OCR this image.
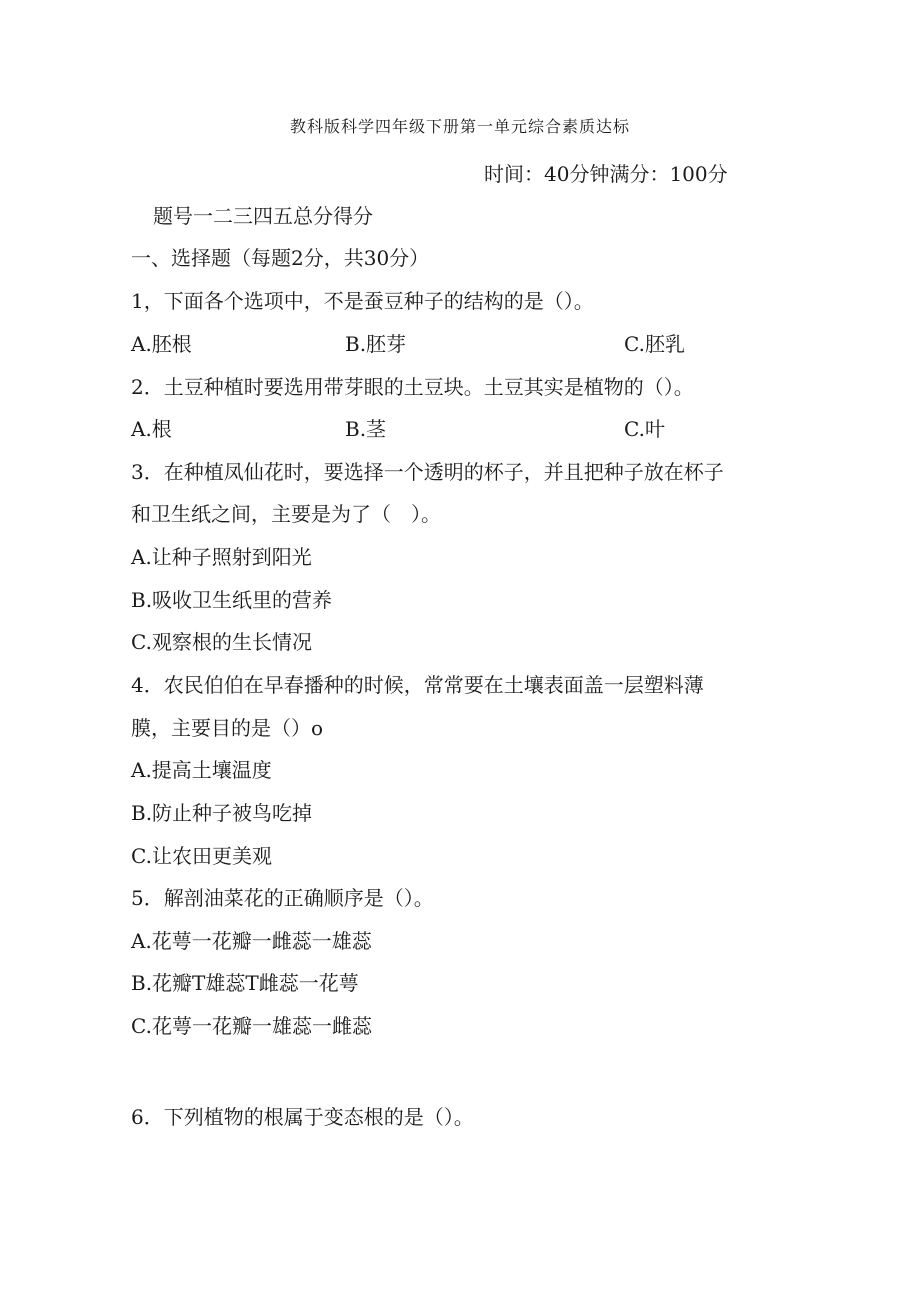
教科版科学四年级下册第一单元综合素质达标
时间：40分钟满分：100分
题号一二三四五总分得分
一、选择题（每题2分，共30分）
1，下面各个选项中，不是蚕豆种子的结构的是（）。
A.胚根	B.胚芽	C.胚乳
2．土豆种植时要选用带芽眼的土豆块。土豆其实是植物的（）。
A.根	B.茎	C.叶
3．在种植凤仙花时，要选择一个透明的杯子，并且把种子放在杯子
和卫生纸之间，主要是为了（　）。
A.让种子照射到阳光
B.吸收卫生纸里的营养
C.观察根的生长情况
4．农民伯伯在早春播种的时候，常常要在土壤表面盖一层塑料薄
膜，主要目的是（）o
A.提高土壤温度
B.防止种子被鸟吃掉
C.让农田更美观
5．解剖油菜花的正确顺序是（）。
A.花萼一花瓣一雌蕊一雄蕊
B.花瓣T雄蕊T雌蕊一花萼
C.花萼一花瓣一雄蕊一雌蕊
6．下列植物的根属于变态根的是（）。
